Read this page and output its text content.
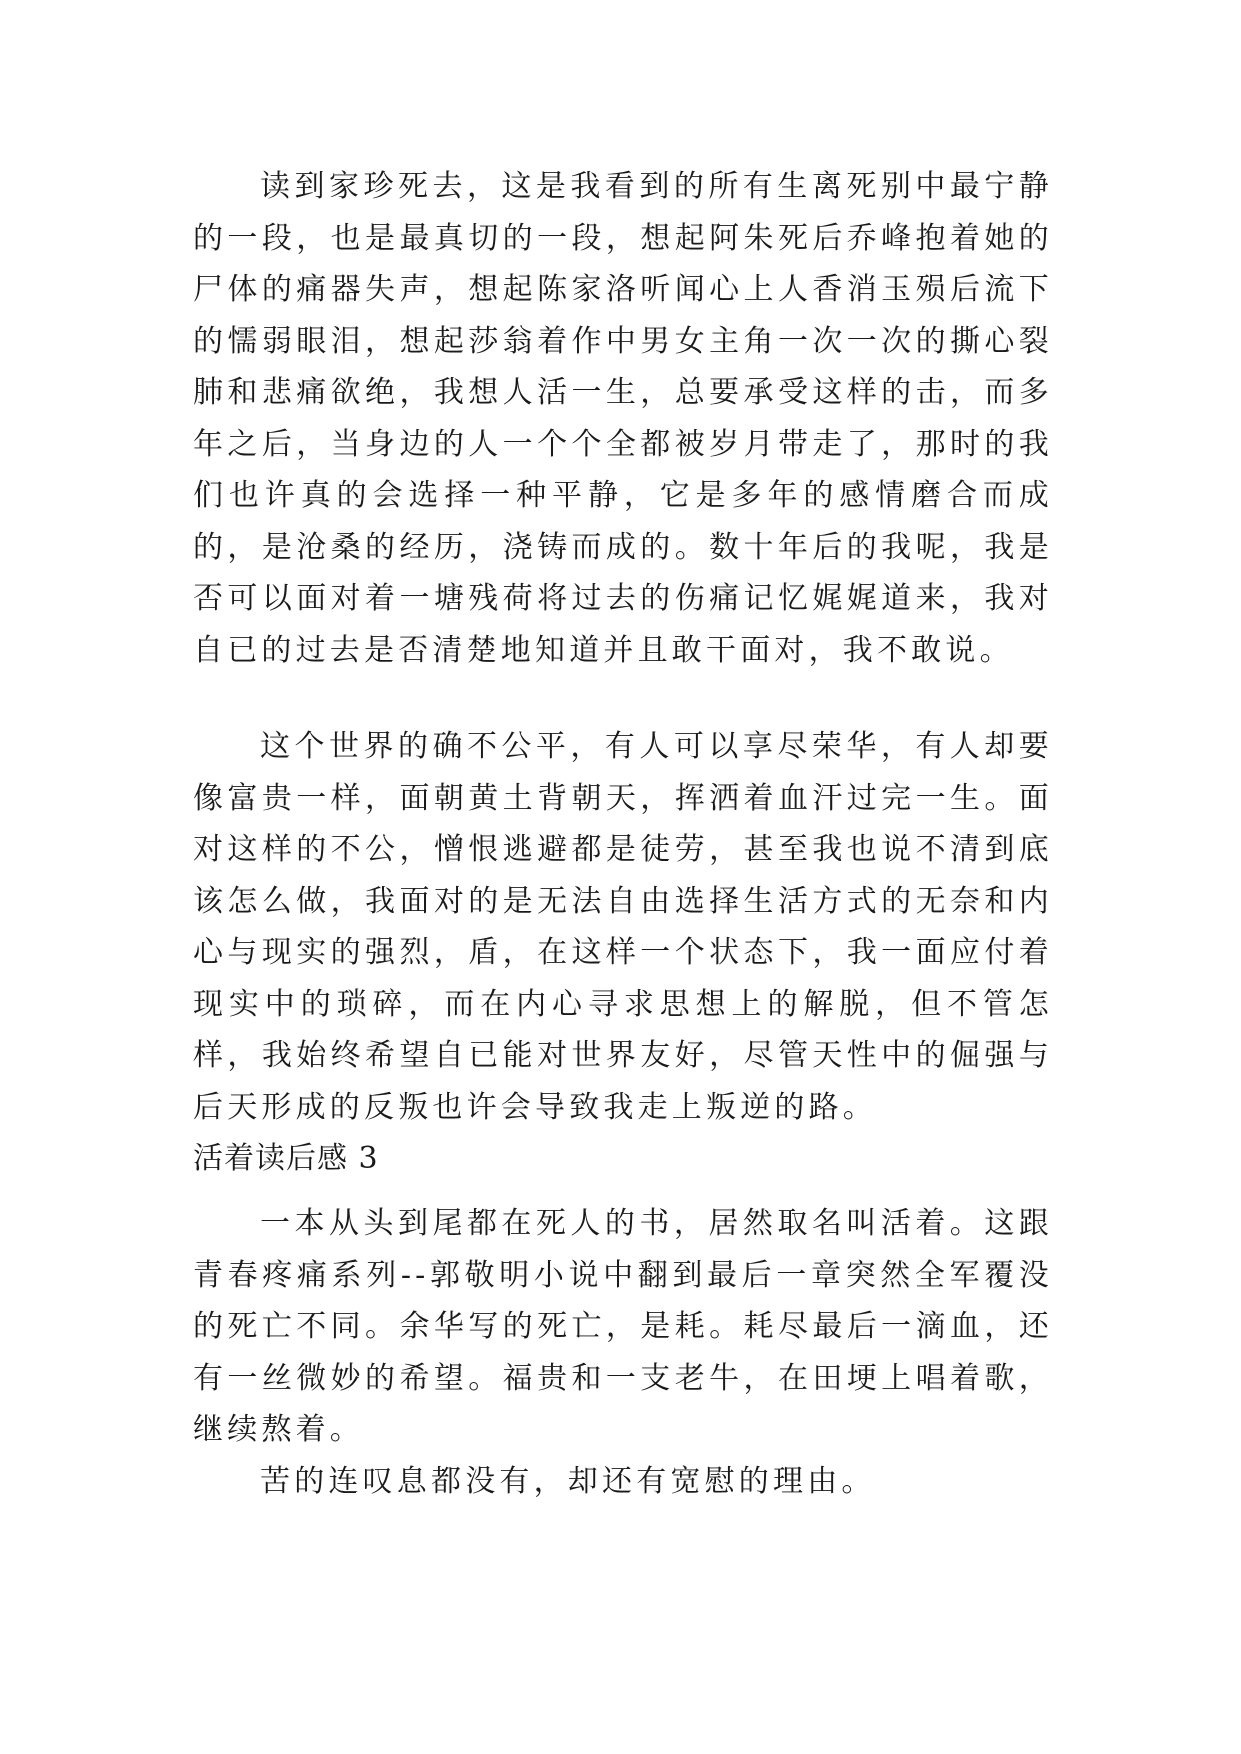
读到家珍死去，这是我看到的所有生离死别中最宁静的一段，也是最真切的一段，想起阿朱死后乔峰抱着她的尸体的痛器失声，想起陈家洛听闻心上人香消玉殒后流下的懦弱眼泪，想起莎翁着作中男女主角一次一次的撕心裂肺和悲痛欲绝，我想人活一生，总要承受这样的击，而多年之后，当身边的人一个个全都被岁月带走了，那时的我们也许真的会选择一种平静，它是多年的感情磨合而成的，是沧桑的经历，浇铸而成的。数十年后的我呢，我是否可以面对着一塘残荷将过去的伤痛记忆娓娓道来，我对自已的过去是否清楚地知道并且敢干面对，我不敢说。

这个世界的确不公平，有人可以享尽荣华，有人却要像富贵一样，面朝黄土背朝天，挥洒着血汗过完一生。面对这样的不公，憎恨逃避都是徒劳，甚至我也说不清到底该怎么做，我面对的是无法自由选择生活方式的无奈和内心与现实的强烈，盾，在这样一个状态下，我一面应付着现实中的琐碎，而在内心寻求思想上的解脱，但不管怎样，我始终希望自已能对世界友好，尽管天性中的倔强与后天形成的反叛也许会导致我走上叛逆的路。

活着读后感 3

一本从头到尾都在死人的书，居然取名叫活着。这跟青春疼痛系列--郭敬明小说中翻到最后一章突然全军覆没的死亡不同。余华写的死亡，是耗。耗尽最后一滴血，还有一丝微妙的希望。福贵和一支老牛，在田埂上唱着歌，继续熬着。

苦的连叹息都没有，却还有宽慰的理由。
